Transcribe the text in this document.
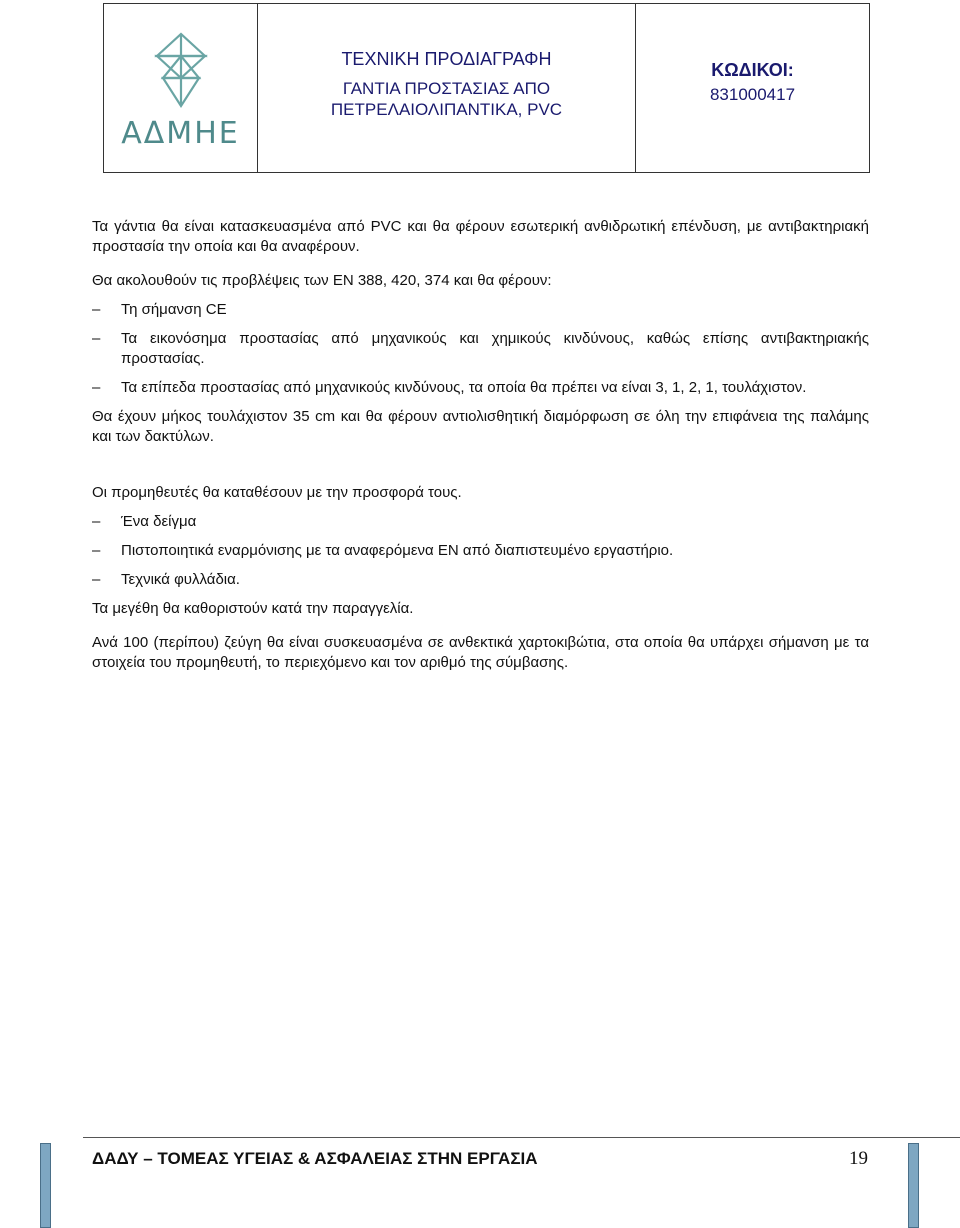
ΑΔΜΗΕ
ΤΕΧΝΙΚΗ ΠΡΟΔΙΑΓΡΑΦΗ
ΓΑΝΤΙΑ ΠΡΟΣΤΑΣΙΑΣ ΑΠΟ
ΠΕΤΡΕΛΑΙΟΛΙΠΑΝΤΙΚΑ, PVC
ΚΩΔΙΚΟΙ:
831000417

Τα γάντια θα είναι κατασκευασμένα από PVC και θα φέρουν εσωτερική ανθιδρωτική επένδυση, με αντιβακτηριακή προστασία την οποία και θα αναφέρουν.

Θα ακολουθούν τις προβλέψεις των EN 388, 420, 374 και θα φέρουν:

–	Τη σήμανση CE

–	Τα εικονόσημα προστασίας από μηχανικούς και χημικούς κινδύνους, καθώς επίσης αντιβακτηριακής προστασίας.

–	Τα επίπεδα προστασίας από μηχανικούς κινδύνους, τα οποία θα πρέπει να είναι 3, 1, 2, 1, τουλάχιστον.

Θα έχουν μήκος τουλάχιστον 35 cm και θα φέρουν αντιολισθητική διαμόρφωση σε όλη την επιφάνεια της παλάμης και των δακτύλων.

Οι προμηθευτές θα καταθέσουν με την προσφορά τους.

–	Ένα δείγμα

–	Πιστοποιητικά εναρμόνισης με τα αναφερόμενα EN από διαπιστευμένο εργαστήριο.

–	Τεχνικά φυλλάδια.

Τα μεγέθη θα καθοριστούν κατά την παραγγελία.

Ανά 100 (περίπου) ζεύγη θα είναι συσκευασμένα σε ανθεκτικά χαρτοκιβώτια, στα οποία θα υπάρχει σήμανση με τα στοιχεία του προμηθευτή, το περιεχόμενο και τον αριθμό της σύμβασης.

ΔΑΔΥ – ΤΟΜΕΑΣ ΥΓΕΙΑΣ & ΑΣΦΑΛΕΙΑΣ ΣΤΗΝ ΕΡΓΑΣΙΑ	19
